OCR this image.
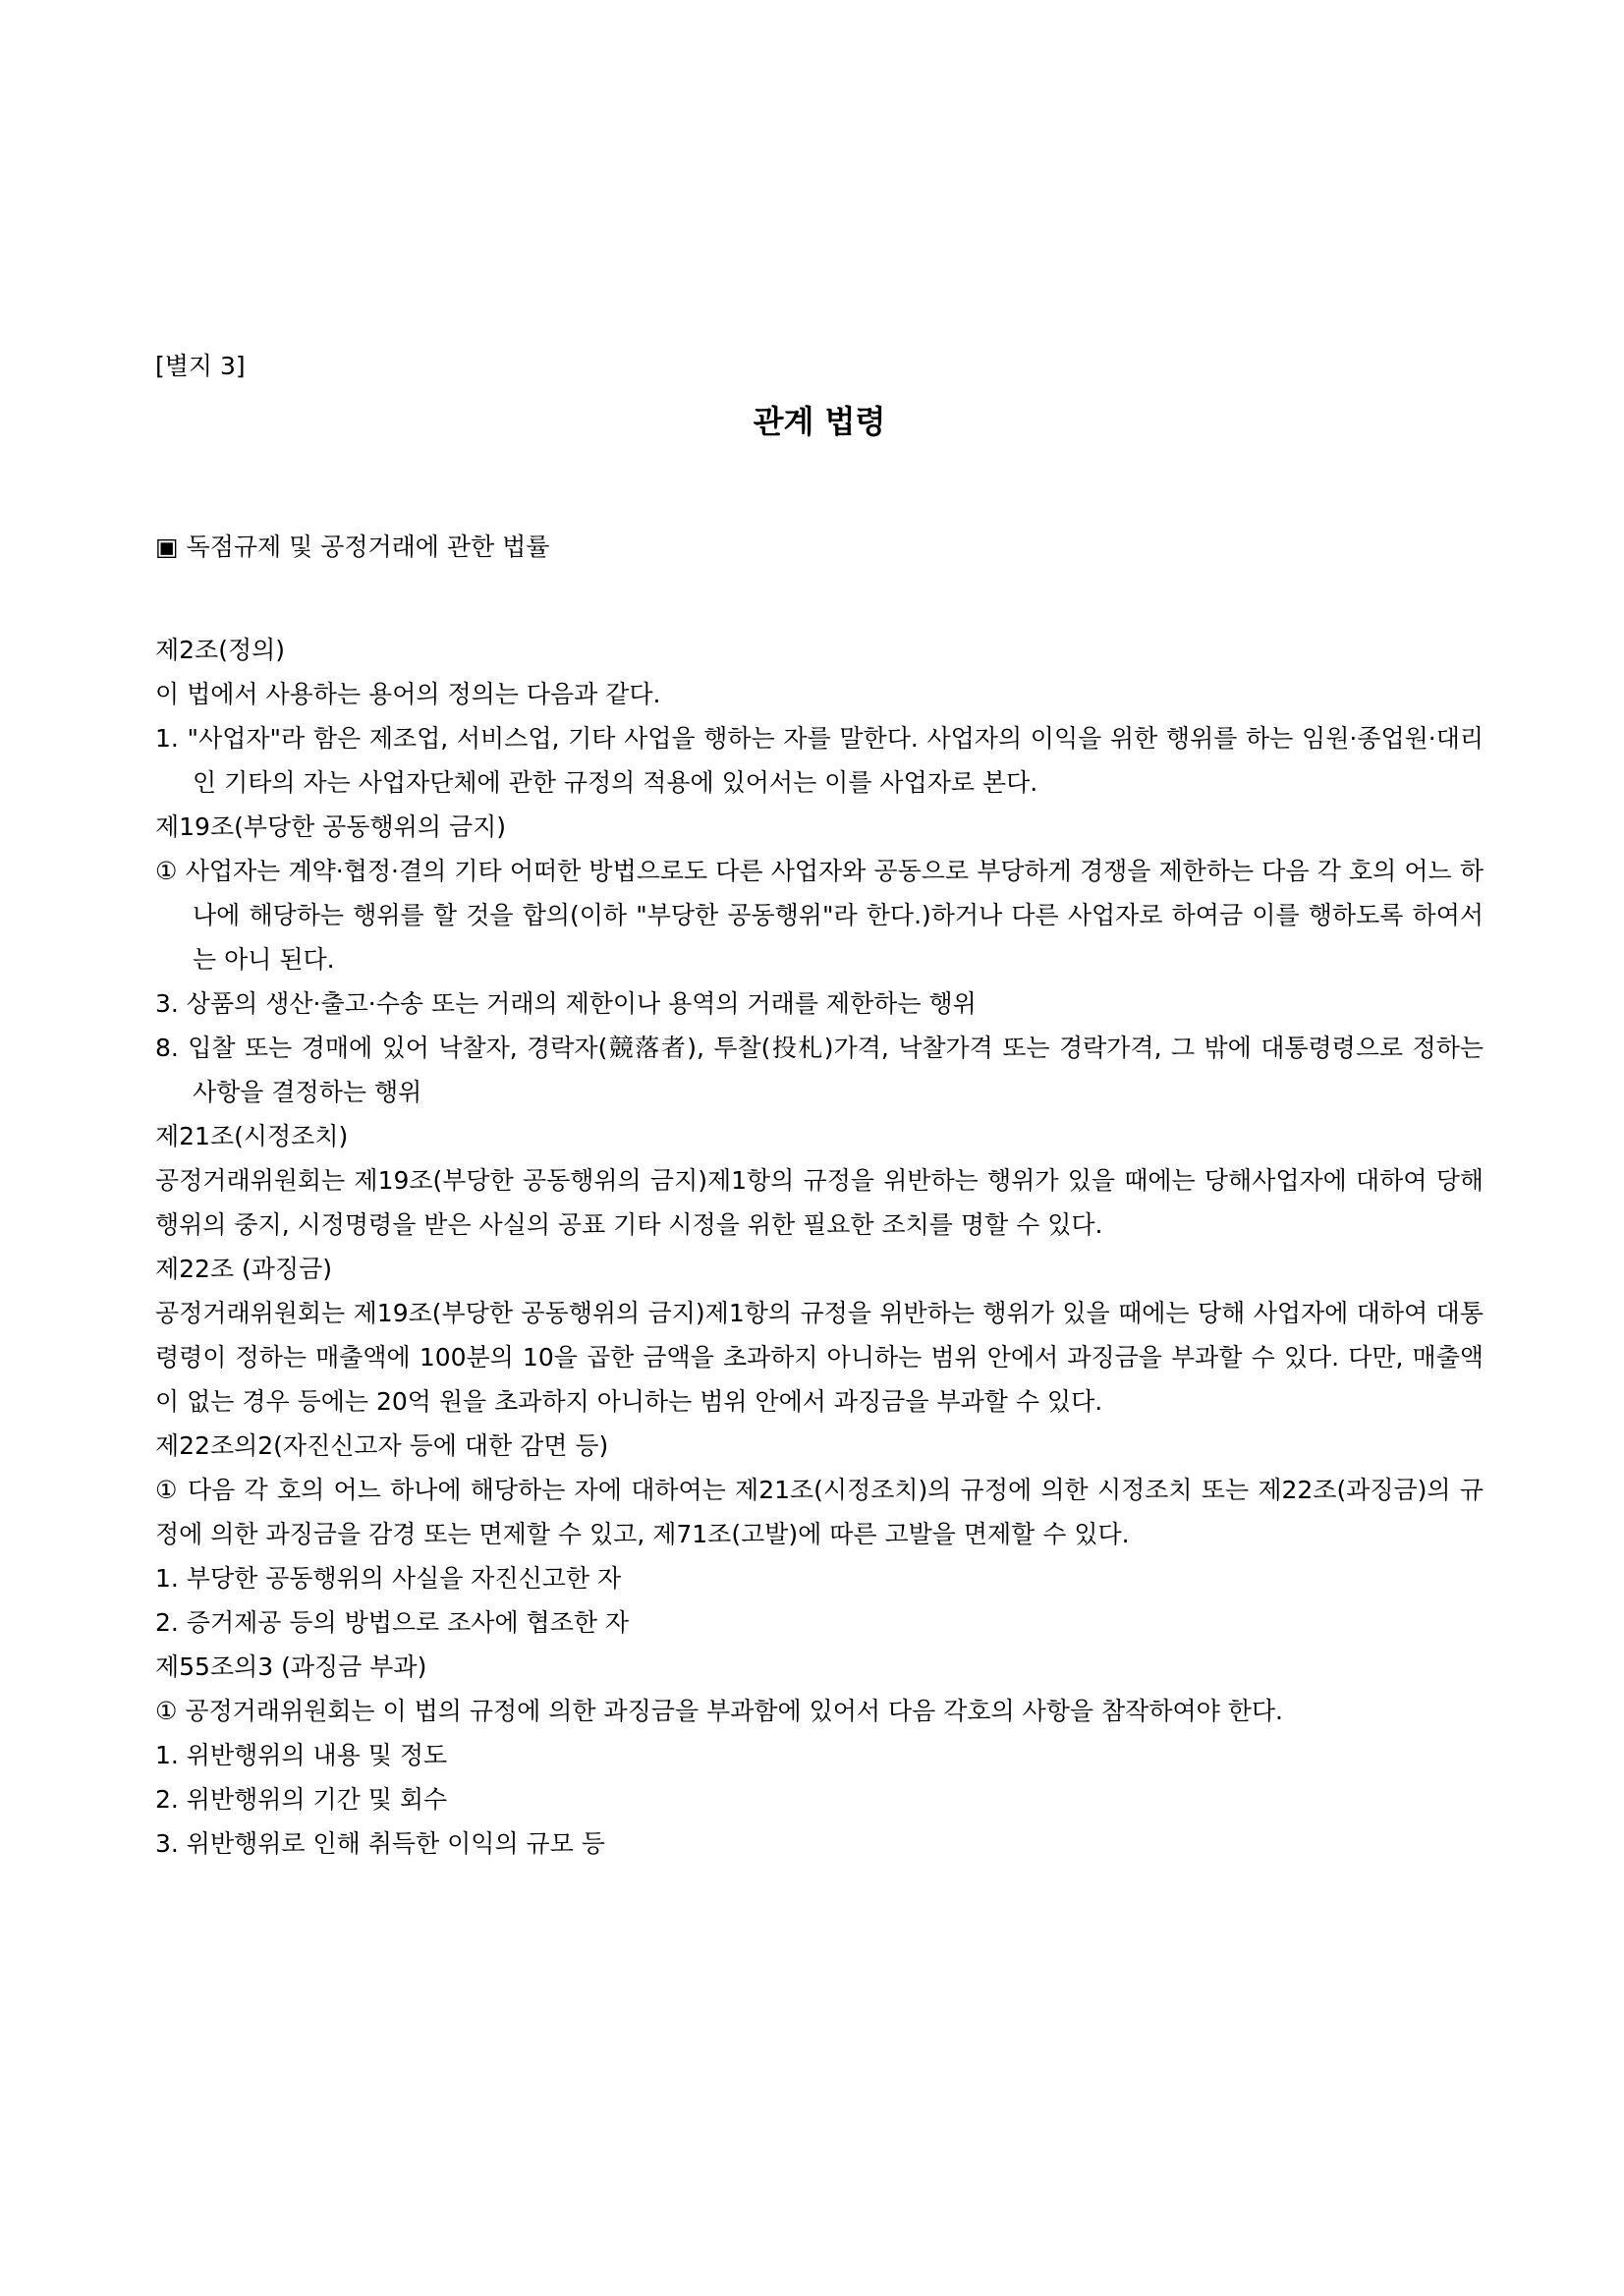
[별지 3]
관계 법령
▣ 독점규제 및 공정거래에 관한 법률
제2조(정의)
이 법에서 사용하는 용어의 정의는 다음과 같다.
1. "사업자"라 함은 제조업, 서비스업, 기타 사업을 행하는 자를 말한다. 사업자의 이익을 위한 행위를 하는 임원·종업원·대리인 기타의 자는 사업자단체에 관한 규정의 적용에 있어서는 이를 사업자로 본다.
제19조(부당한 공동행위의 금지)
① 사업자는 계약·협정·결의 기타 어떠한 방법으로도 다른 사업자와 공동으로 부당하게 경쟁을 제한하는 다음 각 호의 어느 하나에 해당하는 행위를 할 것을 합의(이하 "부당한 공동행위"라 한다.)하거나 다른 사업자로 하여금 이를 행하도록 하여서는 아니 된다.
3. 상품의 생산·출고·수송 또는 거래의 제한이나 용역의 거래를 제한하는 행위
8. 입찰 또는 경매에 있어 낙찰자, 경락자(競落者), 투찰(投札)가격, 낙찰가격 또는 경락가격, 그 밖에 대통령령으로 정하는 사항을 결정하는 행위
제21조(시정조치)
공정거래위원회는 제19조(부당한 공동행위의 금지)제1항의 규정을 위반하는 행위가 있을 때에는 당해사업자에 대하여 당해행위의 중지, 시정명령을 받은 사실의 공표 기타 시정을 위한 필요한 조치를 명할 수 있다.
제22조 (과징금)
공정거래위원회는 제19조(부당한 공동행위의 금지)제1항의 규정을 위반하는 행위가 있을 때에는 당해 사업자에 대하여 대통령령이 정하는 매출액에 100분의 10을 곱한 금액을 초과하지 아니하는 범위 안에서 과징금을 부과할 수 있다. 다만, 매출액이 없는 경우 등에는 20억 원을 초과하지 아니하는 범위 안에서 과징금을 부과할 수 있다.
제22조의2(자진신고자 등에 대한 감면 등)
① 다음 각 호의 어느 하나에 해당하는 자에 대하여는 제21조(시정조치)의 규정에 의한 시정조치 또는 제22조(과징금)의 규정에 의한 과징금을 감경 또는 면제할 수 있고, 제71조(고발)에 따른 고발을 면제할 수 있다.
1. 부당한 공동행위의 사실을 자진신고한 자
2. 증거제공 등의 방법으로 조사에 협조한 자
제55조의3 (과징금 부과)
① 공정거래위원회는 이 법의 규정에 의한 과징금을 부과함에 있어서 다음 각호의 사항을 참작하여야 한다.
1. 위반행위의 내용 및 정도
2. 위반행위의 기간 및 회수
3. 위반행위로 인해 취득한 이익의 규모 등
